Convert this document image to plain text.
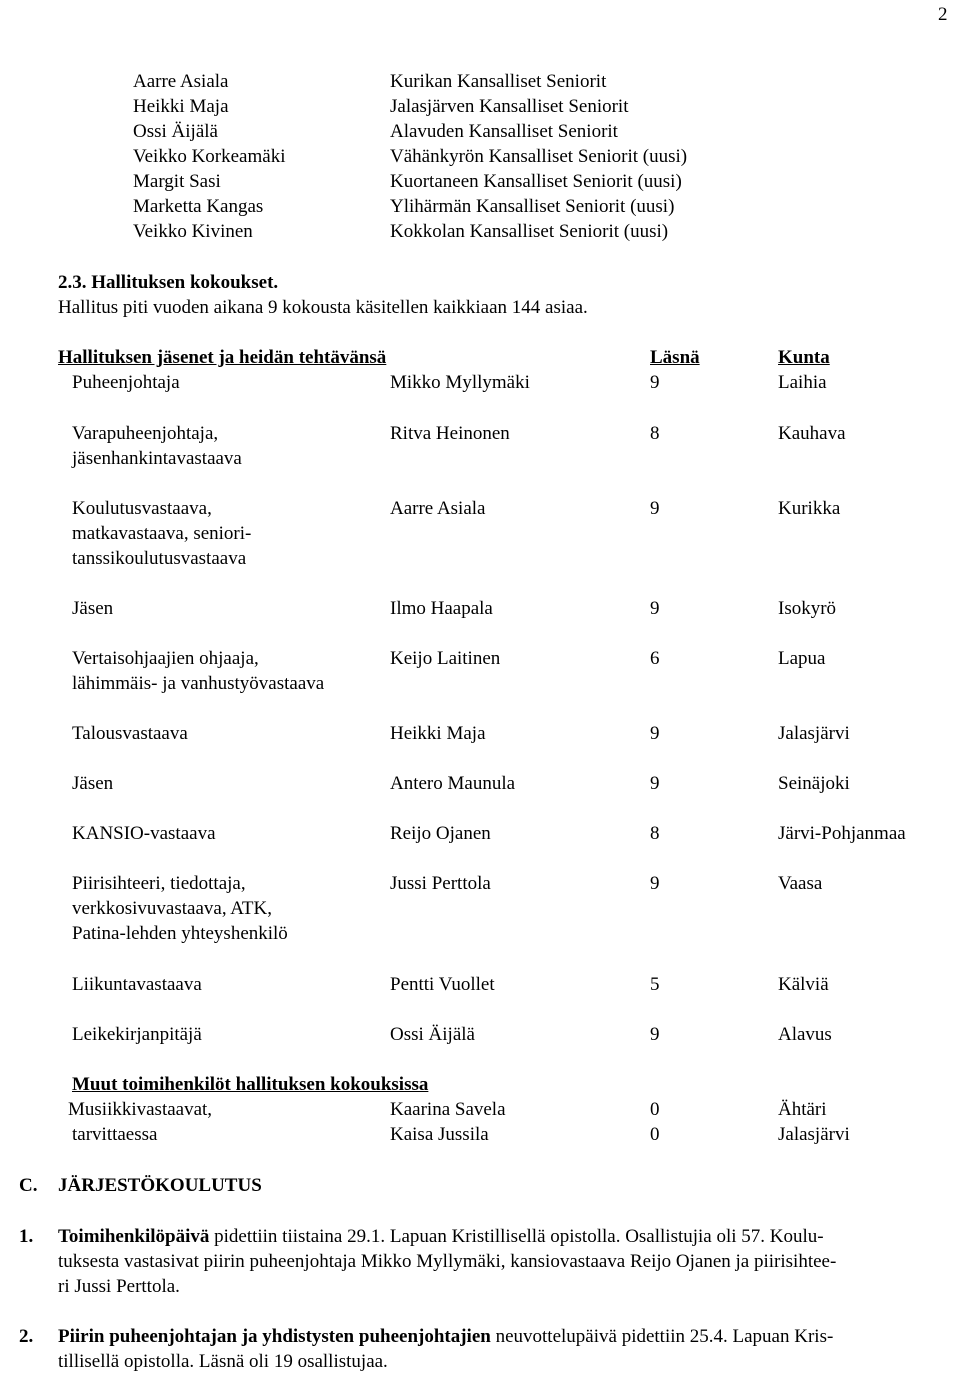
2
Aarre Asiala	Kurikan Kansalliset Seniorit
Heikki Maja	Jalasjärven Kansalliset Seniorit
Ossi Äijälä	Alavuden Kansalliset Seniorit
Veikko Korkeamäki	Vähänkyrön Kansalliset Seniorit (uusi)
Margit Sasi	Kuortaneen Kansalliset Seniorit (uusi)
Marketta Kangas	Ylihärmän Kansalliset Seniorit (uusi)
Veikko Kivinen	Kokkolan Kansalliset Seniorit (uusi)
2.3. Hallituksen kokoukset.
Hallitus piti vuoden aikana 9 kokousta käsitellen kaikkiaan 144 asiaa.
Hallituksen jäsenet ja heidän tehtävänsä	Läsnä	Kunta
Puheenjohtaja	Mikko Myllymäki	9	Laihia
Varapuheenjohtaja,
jäsenhankintavastaava
Ritva Heinonen	8	Kauhava
Koulutusvastaava,
matkavastaava, seniori-
tanssikoulutusvastaava
Aarre Asiala	9	Kurikka
Jäsen	Ilmo Haapala	9	Isokyrö
Vertaisohjaajien ohjaaja,
lähimmäis- ja vanhustyövastaava
Keijo Laitinen	6	Lapua
Talousvastaava	Heikki Maja	9	Jalasjärvi
Jäsen	Antero Maunula	9	Seinäjoki
KANSIO-vastaava	Reijo Ojanen	8	Järvi-Pohjanmaa
Piirisihteeri, tiedottaja,
verkkosivuvastaava, ATK,
Patina-lehden yhteyshenkilö
Jussi Perttola	9	Vaasa
Liikuntavastaava	Pentti Vuollet	5	Kälviä
Leikekirjanpitäjä	Ossi Äijälä	9	Alavus
Muut toimihenkilöt hallituksen kokouksissa
Musiikkivastaavat,	Kaarina Savela	0	Ähtäri
tarvittaessa	Kaisa Jussila	0	Jalasjärvi
C. JÄRJESTÖKOULUTUS
1. Toimihenkilöpäivä pidettiin tiistaina 29.1. Lapuan Kristillisellä opistolla. Osallistujia oli 57. Koulu-
tuksesta vastasivat piirin puheenjohtaja Mikko Myllymäki, kansiovastaava Reijo Ojanen ja piirisihtee-
ri Jussi Perttola.
2. Piirin puheenjohtajan ja yhdistysten puheenjohtajien neuvottelupäivä pidettiin 25.4. Lapuan Kris-
tillisellä opistolla. Läsnä oli 19 osallistujaa.
